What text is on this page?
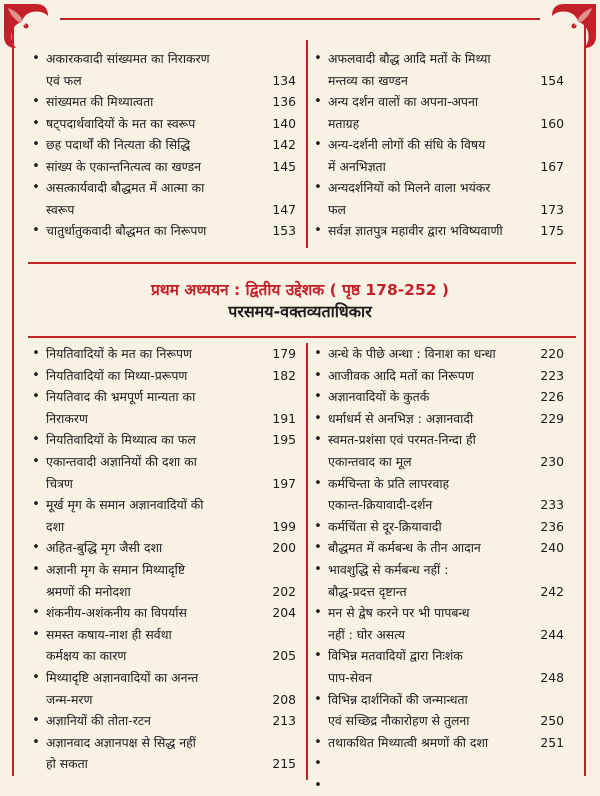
• अकारकवादी सांख्यमत का निराकरण
एवं फल	134
• सांख्यमत की मिथ्यात्वता	136
• षट्पदार्थवादियों के मत का स्वरूप	140
• छह पदार्थों की नित्यता की सिद्धि	142
• सांख्य के एकान्तनित्यत्व का खण्डन	145
• असत्कार्यवादी बौद्धमत में आत्मा का
स्वरूप	147
• चातुर्धातुकवादी बौद्धमत का निरूपण	153
• अफलवादी बौद्ध आदि मतों के मिथ्या
मन्तव्य का खण्डन	154
• अन्य दर्शन वालों का अपना-अपना
मताग्रह	160
• अन्य-दर्शनी लोगों की संधि के विषय
में अनभिज्ञता	167
• अन्यदर्शनियों को मिलने वाला भयंकर
फल	173
• सर्वज्ञ ज्ञातपुत्र महावीर द्वारा भविष्यवाणी	175
प्रथम अध्ययन : द्वितीय उद्देशक ( पृष्ठ 178-252 )
परसमय-वक्तव्यताधिकार
• नियतिवादियों के मत का निरूपण	179
• नियतिवादियों का मिथ्या-प्ररूपण	182
• नियतिवाद की भ्रमपूर्ण मान्यता का
निराकरण	191
• नियतिवादियों के मिथ्यात्व का फल	195
• एकान्तवादी अज्ञानियों की दशा का
चित्रण	197
• मूर्ख मृग के समान अज्ञानवादियों की
दशा	199
• अहित-बुद्धि मृग जैसी दशा	200
• अज्ञानी मृग के समान मिथ्यादृष्टि
श्रमणों की मनोदशा	202
• शंकनीय-अशंकनीय का विपर्यास	204
• समस्त कषाय-नाश ही सर्वथा
कर्मक्षय का कारण	205
• मिथ्यादृष्टि अज्ञानवादियों का अनन्त
जन्म-मरण	208
• अज्ञानियों की तोता-रटन	213
• अज्ञानवाद अज्ञानपक्ष से सिद्ध नहीं
हो सकता	215
• अन्धे के पीछे अन्धा : विनाश का धन्धा	220
• आजीवक आदि मतों का निरूपण	223
• अज्ञानवादियों के कुतर्क	226
• धर्माधर्म से अनभिज्ञ : अज्ञानवादी	229
• स्वमत-प्रशंसा एवं परमत-निन्दा ही
एकान्तवाद का मूल	230
• कर्मचिन्ता के प्रति लापरवाह
एकान्त-क्रियावादी-दर्शन	233
• कर्मचिंता से दूर-क्रियावादी	236
• बौद्धमत में कर्मबन्ध के तीन आदान	240
• भावशुद्धि से कर्मबन्ध नहीं :
बौद्ध-प्रदत्त दृष्टान्त	242
• मन से द्वेष करने पर भी पापबन्ध
नहीं : घोर असत्य	244
• विभिन्न मतवादियों द्वारा निःशंक
पाप-सेवन	248
• विभिन्न दार्शनिकों की जन्मान्धता
एवं सच्छिद्र नौकारोहण से तुलना	250
• तथाकथित मिथ्यात्वी श्रमणों की दशा	251
•
•
